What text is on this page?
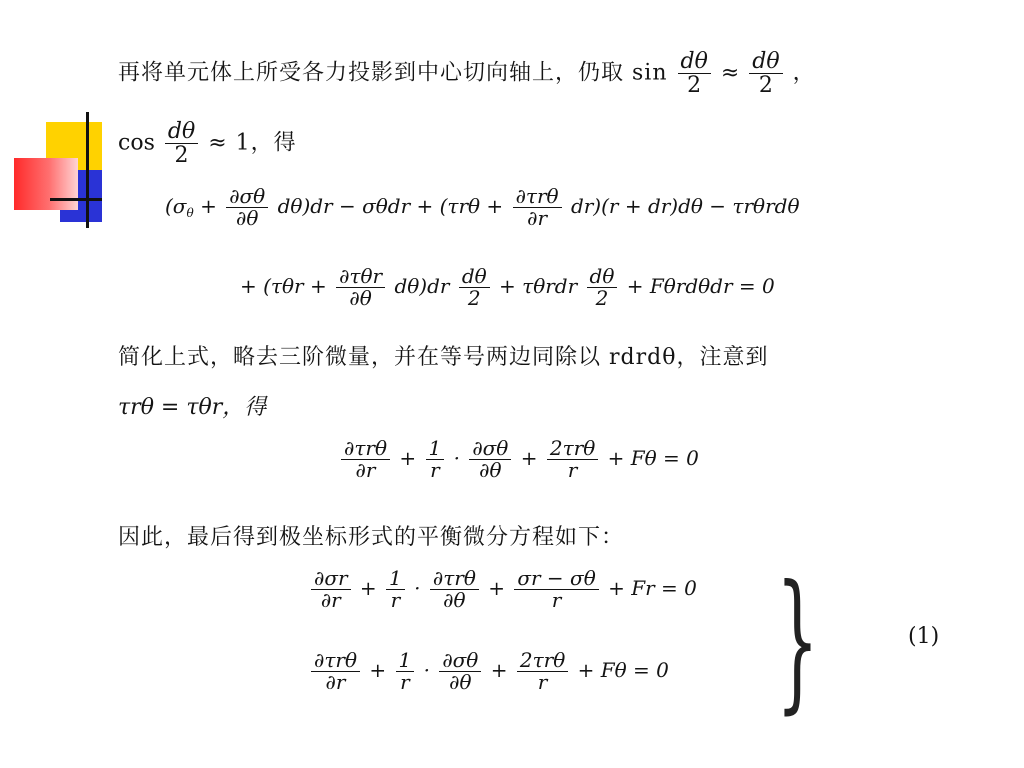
再将单元体上所受各力投影到中心切向轴上，仍取 $\sin \frac{d\theta}{2} \approx \frac{d\theta}{2}$ ，
$\cos \frac{d\theta}{2} \approx 1$，得
$(\sigma_\theta + \frac{\partial\sigma\theta}{\partial\theta} d\theta)dr - \sigma\theta dr + (\tau r\theta + \frac{\text{∂τrθ}}{\partial r} dr)(r + dr)d\theta - \tau r\theta rd\theta$
+ $(\tau\theta r + \frac{\text{∂τθr}}{\partial\theta} d\theta)dr \frac{d\theta}{2} + \tau\theta rdr \frac{d\theta}{2} + F\theta rd\theta dr = 0$
简化上式，略去三阶微量，并在等号两边同除以 rdrdθ，注意到
τrθ = τθr，得
$\frac{\text{∂τrθ}}{\partial r} + \frac{1}{r} \cdot \frac{\partial\sigma\theta}{\partial\theta} + \frac{\text{2τrθ}}{r} + F\theta = 0$
因此，最后得到极坐标形式的平衡微分方程如下：
$\frac{\partial\sigma r}{\partial r} + \frac{1}{r} \cdot \frac{\text{∂τrθ}}{\partial\theta} + \frac{\sigma r - \sigma\theta}{r} + Fr = 0$
$\frac{\text{∂τrθ}}{\partial r} + \frac{1}{r} \cdot \frac{\partial\sigma\theta}{\partial\theta} + \frac{\text{2τrθ}}{r} + F\theta = 0$ }	(1)
